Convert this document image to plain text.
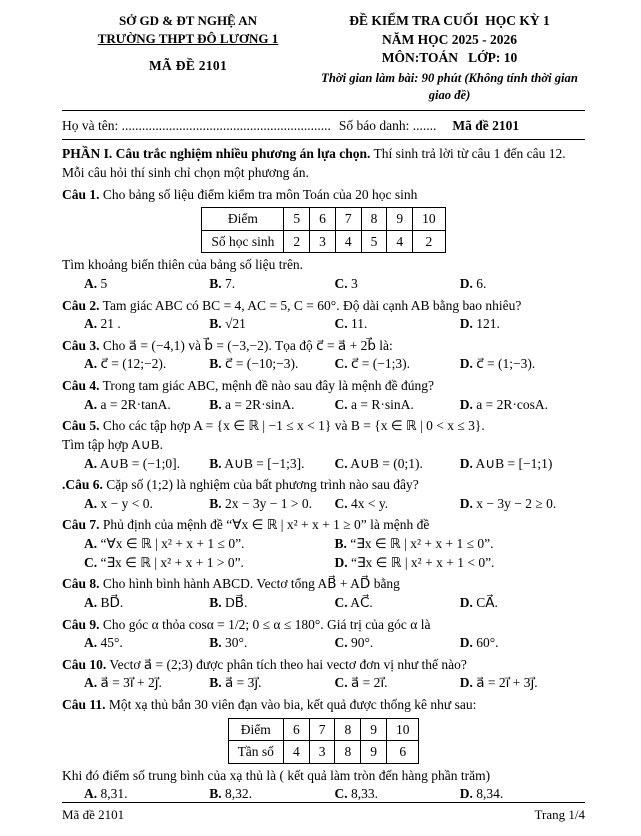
SỞ GD & ĐT NGHỆ AN
TRƯỜNG THPT ĐÔ LƯƠNG 1
MÃ ĐỀ 2101
ĐỀ KIỂM TRA CUỐI  HỌC KỲ 1
NĂM HỌC 2025 - 2026
MÔN:TOÁN   LỚP: 10
Thời gian làm bài: 90 phút (Không tính thời gian giao đề)
Họ và tên: .............................................................. Số báo danh: ....... Mã đề 2101
PHẦN I. Câu trắc nghiệm nhiều phương án lựa chọn. Thí sinh trả lời từ câu 1 đến câu 12. Mỗi câu hỏi thí sinh chỉ chọn một phương án.
Câu 1. Cho bảng số liệu điểm kiểm tra môn Toán của 20 học sinh
Điểm	5	6	7	8	9	10
Số học sinh	2	3	4	5	4	2
Tìm khoảng biến thiên của bảng số liệu trên.
A. 5	B. 7.	C. 3	D. 6.
Câu 2. Tam giác ABC có BC = 4, AC = 5, C = 60°. Độ dài cạnh AB bằng bao nhiêu?
A. 21 .	B. √21	C. 11.	D. 121.
Câu 3. Cho a⃗ = (−4,1) và b⃗ = (−3,−2). Tọa độ c⃗ = a⃗ + 2b⃗ là:
A. c⃗ = (12;−2).	B. c⃗ = (−10;−3).	C. c⃗ = (−1;3).	D. c⃗ = (1;−3).
Câu 4. Trong tam giác ABC, mệnh đề nào sau đây là mệnh đề đúng?
A. a = 2R·tanA.	B. a = 2R·sinA.	C. a = R·sinA.	D. a = 2R·cosA.
Câu 5. Cho các tập hợp A = {x ∈ ℝ | −1 ≤ x < 1} và B = {x ∈ ℝ | 0 < x ≤ 3}.
Tìm tập hợp A∪B.
A. A∪B = (−1;0].	B. A∪B = [−1;3].	C. A∪B = (0;1).	D. A∪B = [−1;1)
.Câu 6. Cặp số (1;2) là nghiệm của bất phương trình nào sau đây?
A. x − y < 0.	B. 2x − 3y − 1 > 0.	C. 4x < y.	D. x − 3y − 2 ≥ 0.
Câu 7. Phủ định của mệnh đề “∀x ∈ ℝ | x² + x + 1 ≥ 0” là mệnh đề
A. “∀x ∈ ℝ | x² + x + 1 ≤ 0”.	B. “∃x ∈ ℝ | x² + x + 1 ≤ 0”.
C. “∃x ∈ ℝ | x² + x + 1 > 0”.	D. “∃x ∈ ℝ | x² + x + 1 < 0”.
Câu 8. Cho hình bình hành ABCD. Vectơ tổng AB⃗ + AD⃗ bằng
A. BD⃗.	B. DB⃗.	C. AC⃗.	D. CA⃗.
Câu 9. Cho góc α thỏa cosα = 1/2; 0 ≤ α ≤ 180°. Giá trị của góc α là
A. 45°.	B. 30°.	C. 90°.	D. 60°.
Câu 10. Vectơ a⃗ = (2;3) được phân tích theo hai vectơ đơn vị như thế nào?
A. a⃗ = 3i⃗ + 2j⃗.	B. a⃗ = 3j⃗.	C. a⃗ = 2i⃗.	D. a⃗ = 2i⃗ + 3j⃗.
Câu 11. Một xạ thủ bắn 30 viên đạn vào bia, kết quả được thống kê như sau:
Điểm	6	7	8	9	10
Tần số	4	3	8	9	6
Khi đó điểm số trung bình của xạ thủ là ( kết quả làm tròn đến hàng phần trăm)
A. 8,31.	B. 8,32.	C. 8,33.	D. 8,34.
Mã đề 2101	Trang 1/4
